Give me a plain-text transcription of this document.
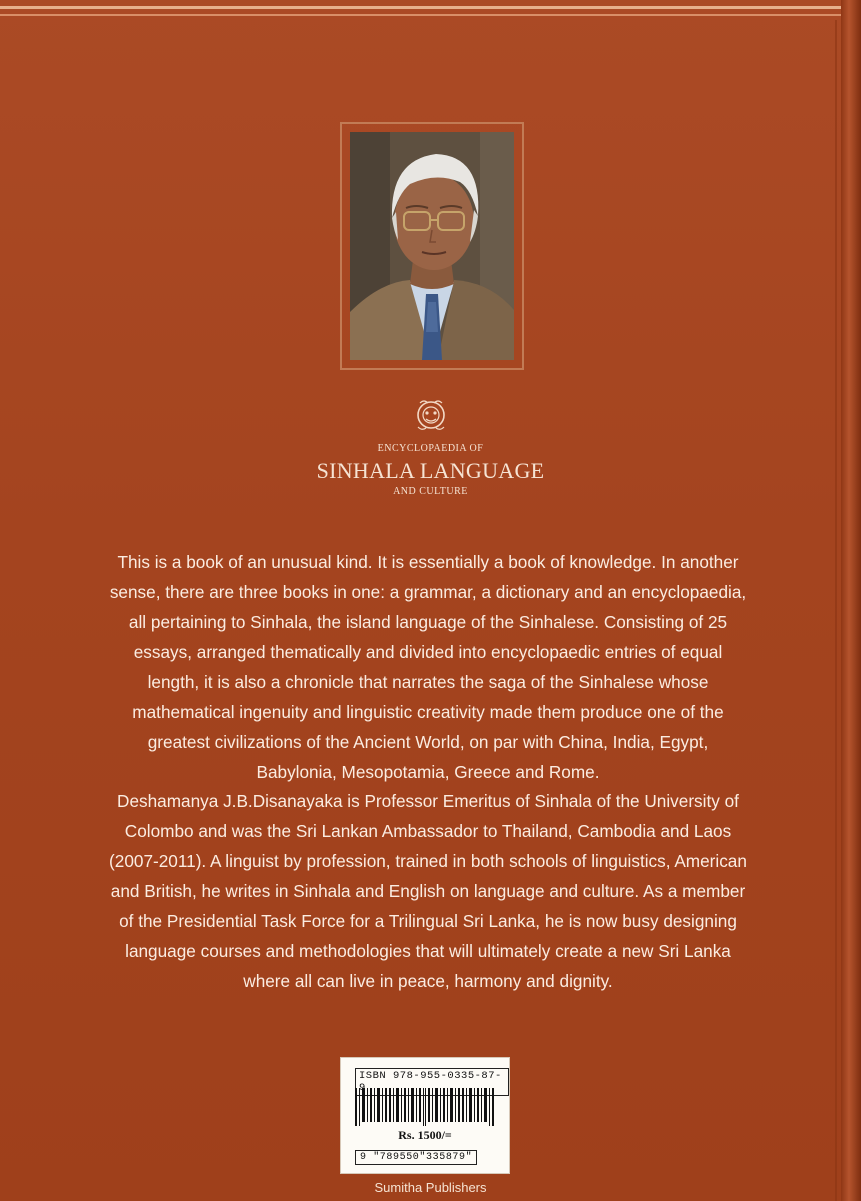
ENCYCLOPAEDIA OF
SINHALA LANGUAGE
AND CULTURE

This is a book of an unusual kind. It is essentially a book of knowledge. In another sense, there are three books in one: a grammar, a dictionary and an encyclopaedia, all pertaining to Sinhala, the island language of the Sinhalese. Consisting of 25 essays, arranged thematically and divided into encyclopaedic entries of equal length, it is also a chronicle that narrates the saga of the Sinhalese whose mathematical ingenuity and linguistic creativity made them produce one of the greatest civilizations of the Ancient World, on par with China, India, Egypt, Babylonia, Mesopotamia, Greece and Rome.

Deshamanya J.B.Disanayaka is Professor Emeritus of Sinhala of the University of Colombo and was the Sri Lankan Ambassador to Thailand, Cambodia and Laos (2007-2011). A linguist by profession, trained in both schools of linguistics, American and British, he writes in Sinhala and English on language and culture. As a member of the Presidential Task Force for a Trilingual Sri Lanka, he is now busy designing language courses and methodologies that will ultimately create a new Sri Lanka where all can live in peace, harmony and dignity.

ISBN 978-955-0335-87-
Rs. 1500/=
9 "789550"335879"
Sumitha Publishers
